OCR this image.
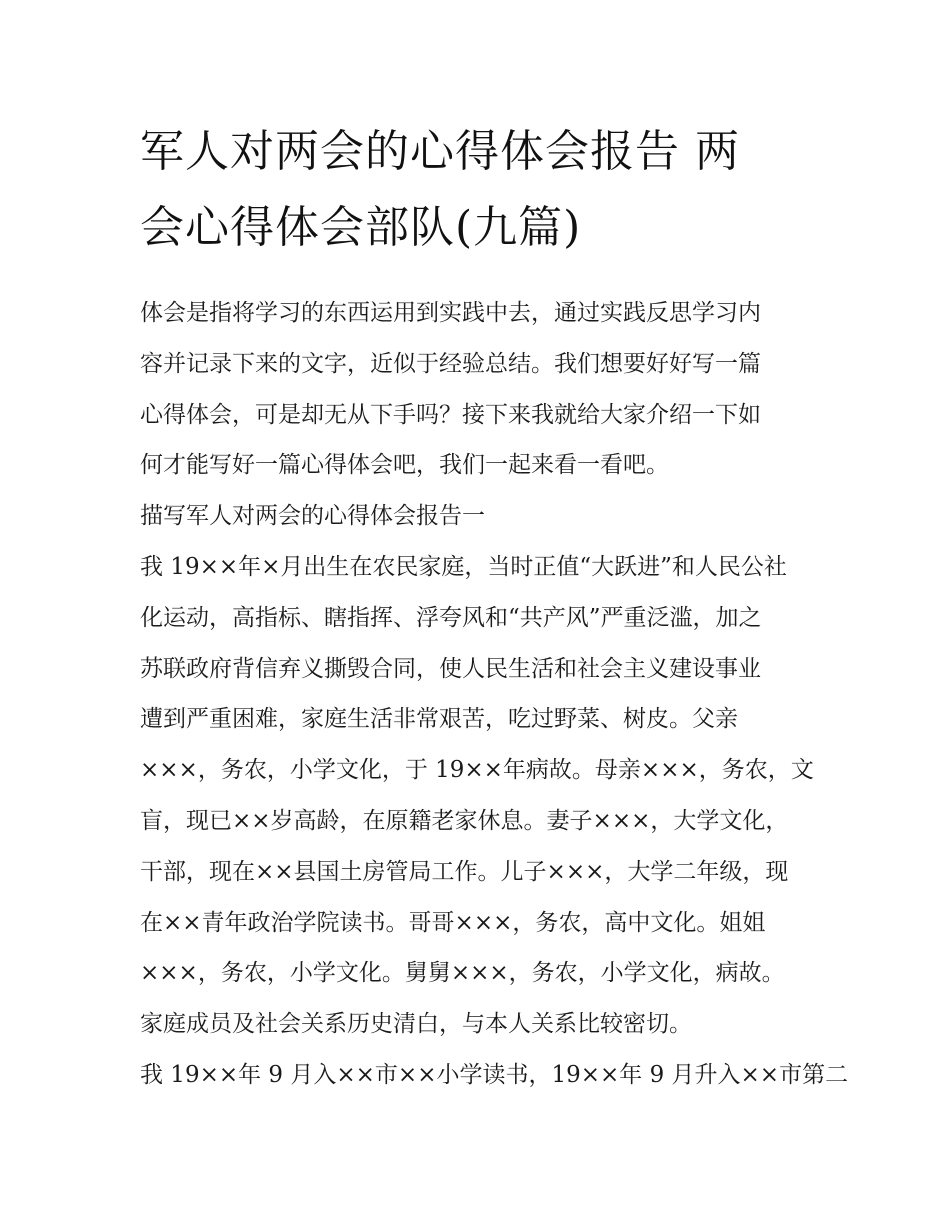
军人对两会的心得体会报告 两
会心得体会部队(九篇)
体会是指将学习的东西运用到实践中去，通过实践反思学习内
容并记录下来的文字，近似于经验总结。我们想要好好写一篇
心得体会，可是却无从下手吗？接下来我就给大家介绍一下如
何才能写好一篇心得体会吧，我们一起来看一看吧。
描写军人对两会的心得体会报告一
我 19××年×月出生在农民家庭，当时正值“大跃进”和人民公社
化运动，高指标、瞎指挥、浮夸风和“共产风”严重泛滥，加之
苏联政府背信弃义撕毁合同，使人民生活和社会主义建设事业
遭到严重困难，家庭生活非常艰苦，吃过野菜、树皮。父亲
×××，务农，小学文化，于 19××年病故。母亲×××，务农，文
盲，现已××岁高龄，在原籍老家休息。妻子×××，大学文化，
干部，现在××县国土房管局工作。儿子×××，大学二年级，现
在××青年政治学院读书。哥哥×××，务农，高中文化。姐姐
×××，务农，小学文化。舅舅×××，务农，小学文化，病故。
家庭成员及社会关系历史清白，与本人关系比较密切。
我 19××年 9 月入××市××小学读书，19××年 9 月升入××市第二
